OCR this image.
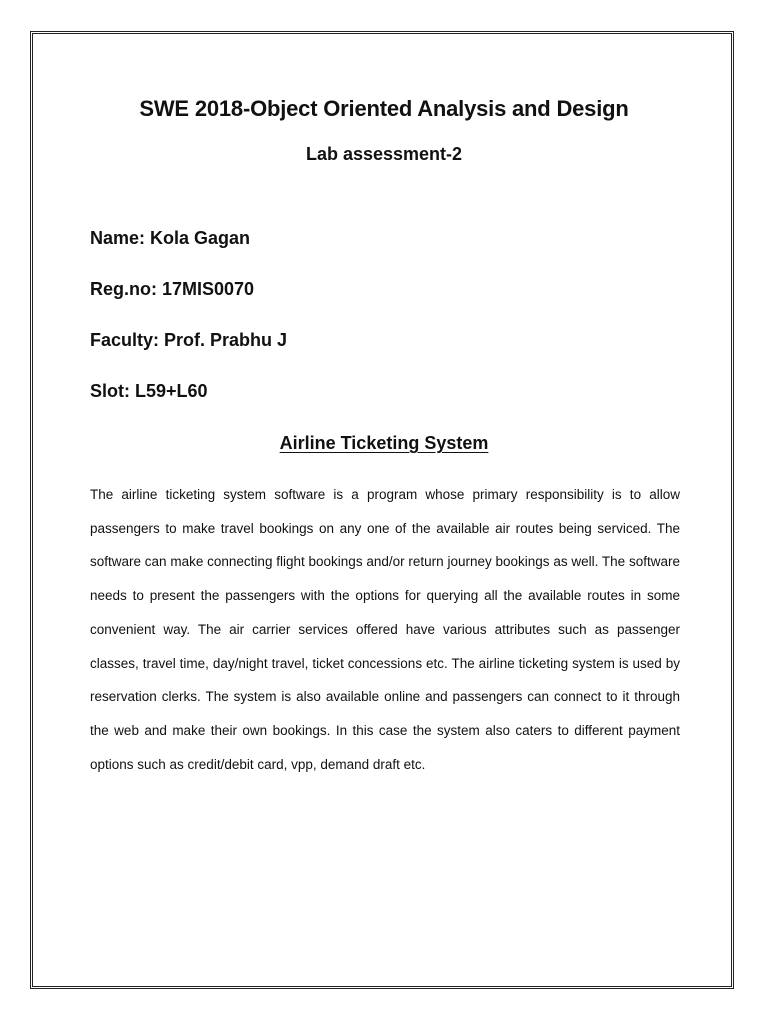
SWE 2018-Object Oriented Analysis and Design
Lab assessment-2
Name: Kola Gagan
Reg.no: 17MIS0070
Faculty: Prof. Prabhu J
Slot: L59+L60
Airline Ticketing System
The airline ticketing system software is a program whose primary responsibility is to allow passengers to make travel bookings on any one of the available air routes being serviced. The software can make connecting flight bookings and/or return journey bookings as well. The software needs to present the passengers with the options for querying all the available routes in some convenient way. The air carrier services offered have various attributes such as passenger classes, travel time, day/night travel, ticket concessions etc. The airline ticketing system is used by reservation clerks. The system is also available online and passengers can connect to it through the web and make their own bookings. In this case the system also caters to different payment options such as credit/debit card, vpp, demand draft etc.
